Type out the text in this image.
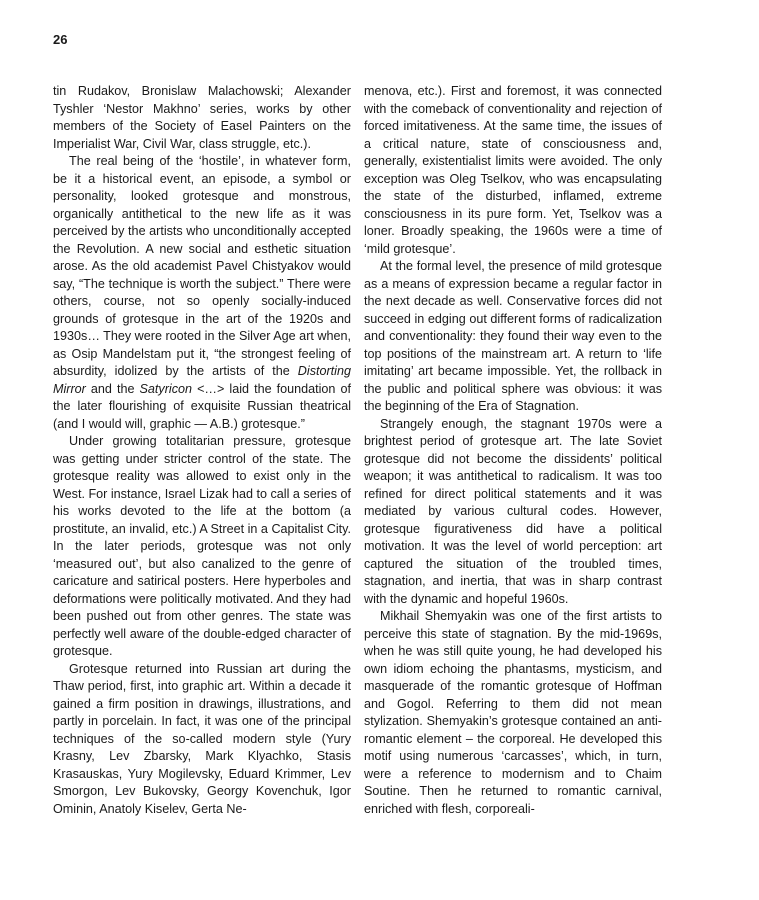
26

tin Rudakov, Bronislaw Malachowski; Alexander Tyshler ‘Nestor Makhno’ series, works by other members of the Society of Easel Painters on the Imperialist War, Civil War, class struggle, etc.).

The real being of the ‘hostile’, in whatever form, be it a historical event, an episode, a symbol or personality, looked grotesque and monstrous, organically antithetical to the new life as it was perceived by the artists who unconditionally accepted the Revolution. A new social and esthetic situation arose. As the old academist Pavel Chistyakov would say, “The technique is worth the subject.” There were others, course, not so openly socially-induced grounds of grotesque in the art of the 1920s and 1930s… They were rooted in the Silver Age art when, as Osip Mandelstam put it, “the strongest feeling of absurdity, idolized by the artists of the Distorting Mirror and the Satyricon <…> laid the foundation of the later flourishing of exquisite Russian theatrical (and I would will, graphic — A.B.) grotesque.”

Under growing totalitarian pressure, grotesque was getting under stricter control of the state. The grotesque reality was allowed to exist only in the West. For instance, Israel Lizak had to call a series of his works devoted to the life at the bottom (a prostitute, an invalid, etc.) A Street in a Capitalist City. In the later periods, grotesque was not only ‘measured out’, but also canalized to the genre of caricature and satirical posters. Here hyperboles and deformations were politically motivated. And they had been pushed out from other genres. The state was perfectly well aware of the double-edged character of grotesque.

Grotesque returned into Russian art during the Thaw period, first, into graphic art. Within a decade it gained a firm position in drawings, illustrations, and partly in porcelain. In fact, it was one of the principal techniques of the so-called modern style (Yury Krasny, Lev Zbarsky, Mark Klyachko, Stasis Krasauskas, Yury Mogilevsky, Eduard Krimmer, Lev Smorgon, Lev Bukovsky, Georgy Kovenchuk, Igor Ominin, Anatoly Kiselev, Gerta Ne-

menova, etc.). First and foremost, it was connected with the comeback of conventionality and rejection of forced imitativeness. At the same time, the issues of a critical nature, state of consciousness and, generally, existentialist limits were avoided. The only exception was Oleg Tselkov, who was encapsulating the state of the disturbed, inflamed, extreme consciousness in its pure form. Yet, Tselkov was a loner. Broadly speaking, the 1960s were a time of ‘mild grotesque’.

At the formal level, the presence of mild grotesque as a means of expression became a regular factor in the next decade as well. Conservative forces did not succeed in edging out different forms of radicalization and conventionality: they found their way even to the top positions of the mainstream art. A return to ‘life imitating’ art became impossible. Yet, the rollback in the public and political sphere was obvious: it was the beginning of the Era of Stagnation.

Strangely enough, the stagnant 1970s were a brightest period of grotesque art. The late Soviet grotesque did not become the dissidents’ political weapon; it was antithetical to radicalism. It was too refined for direct political statements and it was mediated by various cultural codes. However, grotesque figurativeness did have a political motivation. It was the level of world perception: art captured the situation of the troubled times, stagnation, and inertia, that was in sharp contrast with the dynamic and hopeful 1960s.

Mikhail Shemyakin was one of the first artists to perceive this state of stagnation. By the mid-1969s, when he was still quite young, he had developed his own idiom echoing the phantasms, mysticism, and masquerade of the romantic grotesque of Hoffman and Gogol. Referring to them did not mean stylization. Shemyakin’s grotesque contained an anti-romantic element – the corporeal. He developed this motif using numerous ‘carcasses’, which, in turn, were a reference to modernism and to Chaim Soutine. Then he returned to romantic carnival, enriched with flesh, corporeali-
